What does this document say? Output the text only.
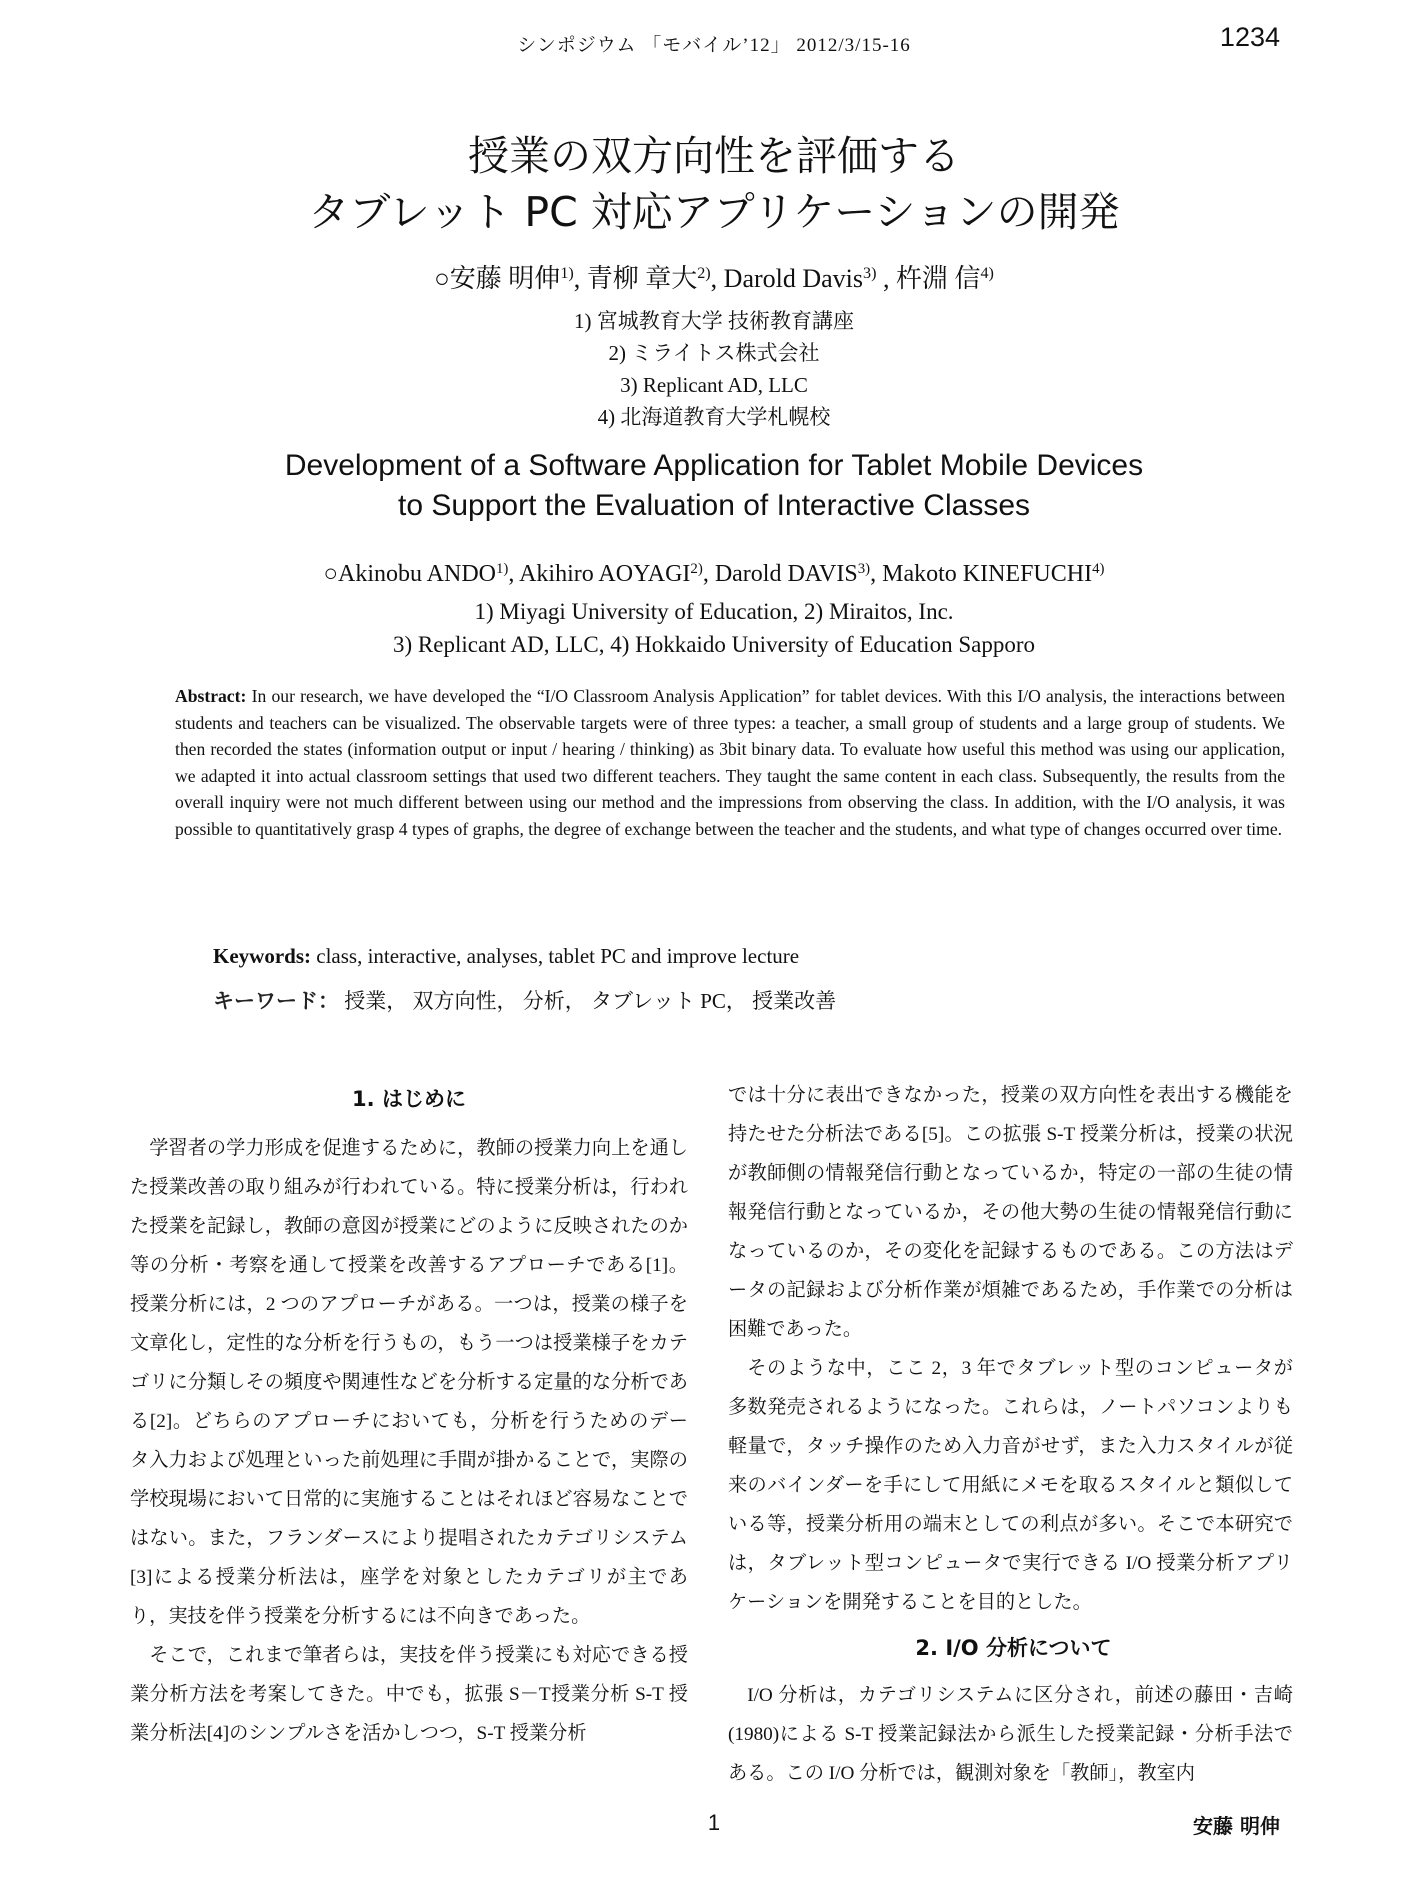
シンポジウム 「モバイル’12」 2012/3/15-16	1234
授業の双方向性を評価する
タブレット PC 対応アプリケーションの開発
○安藤 明伸$^{1)}$, 青柳 章大$^{2)}$, Darold Davis$^{3)}$ , 杵淵 信$^{4)}$
1) 宮城教育大学 技術教育講座
2) ミライトス株式会社
3) Replicant AD, LLC
4) 北海道教育大学札幌校
Development of a Software Application for Tablet Mobile Devices
to Support the Evaluation of Interactive Classes
○Akinobu ANDO$^{1)}$, Akihiro AOYAGI$^{2)}$, Darold DAVIS$^{3)}$, Makoto KINEFUCHI$^{4)}$
1) Miyagi University of Education, 2) Miraitos, Inc.
3) Replicant AD, LLC, 4) Hokkaido University of Education Sapporo
Abstract: In our research, we have developed the “I/O Classroom Analysis Application” for tablet devices. With this I/O analysis, the interactions between students and teachers can be visualized. The observable targets were of three types: a teacher, a small group of students and a large group of students. We then recorded the states (information output or input / hearing / thinking) as 3bit binary data. To evaluate how useful this method was using our application, we adapted it into actual classroom settings that used two different teachers. They taught the same content in each class. Subsequently, the results from the overall inquiry were not much different between using our method and the impressions from observing the class. In addition, with the I/O analysis, it was possible to quantitatively grasp 4 types of graphs, the degree of exchange between the teacher and the students, and what type of changes occurred over time.
Keywords: class, interactive, analyses, tablet PC and improve lecture
キーワード： 授業， 双方向性， 分析， タブレット PC， 授業改善
1. はじめに

学習者の学力形成を促進するために，教師の授業力向上を通した授業改善の取り組みが行われている。特に授業分析は，行われた授業を記録し，教師の意図が授業にどのように反映されたのか等の分析・考察を通して授業を改善するアプローチである[1]。授業分析には，2 つのアプローチがある。一つは，授業の様子を文章化し，定性的な分析を行うもの，もう一つは授業様子をカテゴリに分類しその頻度や関連性などを分析する定量的な分析である[2]。どちらのアプローチにおいても，分析を行うためのデータ入力および処理といった前処理に手間が掛かることで，実際の学校現場において日常的に実施することはそれほど容易なことではない。また，フランダースにより提唱されたカテゴリシステム[3]による授業分析法は，座学を対象としたカテゴリが主であり，実技を伴う授業を分析するには不向きであった。

そこで，これまで筆者らは，実技を伴う授業にも対応できる授業分析方法を考案してきた。中でも，拡張 S－T授業分析 S-T 授業分析法[4]のシンプルさを活かしつつ，S-T 授業分析

では十分に表出できなかった，授業の双方向性を表出する機能を持たせた分析法である[5]。この拡張 S-T 授業分析は，授業の状況が教師側の情報発信行動となっているか，特定の一部の生徒の情報発信行動となっているか，その他大勢の生徒の情報発信行動になっているのか，その変化を記録するものである。この方法はデータの記録および分析作業が煩雑であるため，手作業での分析は困難であった。

そのような中，ここ 2，3 年でタブレット型のコンピュータが多数発売されるようになった。これらは，ノートパソコンよりも軽量で，タッチ操作のため入力音がせず，また入力スタイルが従来のバインダーを手にして用紙にメモを取るスタイルと類似している等，授業分析用の端末としての利点が多い。そこで本研究では，タブレット型コンピュータで実行できる I/O 授業分析アプリケーションを開発することを目的とした。

2. I/O 分析について

I/O 分析は，カテゴリシステムに区分され，前述の藤田・吉崎(1980)による S-T 授業記録法から派生した授業記録・分析手法である。この I/O 分析では，観測対象を「教師」，教室内

1	安藤 明伸
